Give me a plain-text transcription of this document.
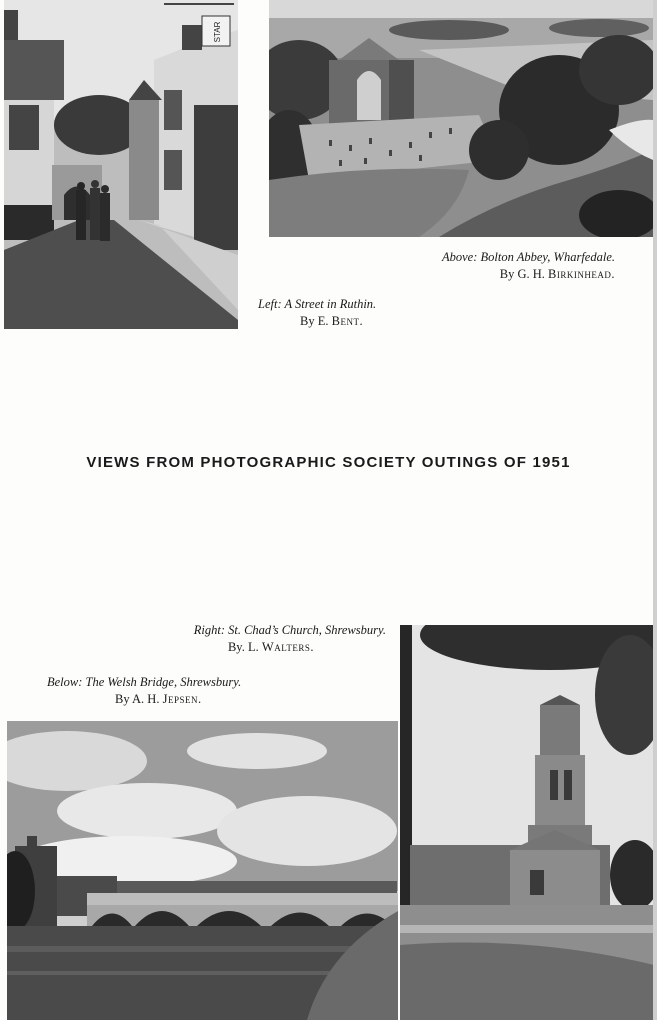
STAR
Above: Bolton Abbey, Wharfedale.
By G. H. Birkinhead.
Left: A Street in Ruthin.
By E. Bent.
VIEWS FROM PHOTOGRAPHIC SOCIETY OUTINGS OF 1951
Right: St. Chad’s Church, Shrewsbury.
By. L. Walters.
Below: The Welsh Bridge, Shrewsbury.
By A. H. Jepsen.
